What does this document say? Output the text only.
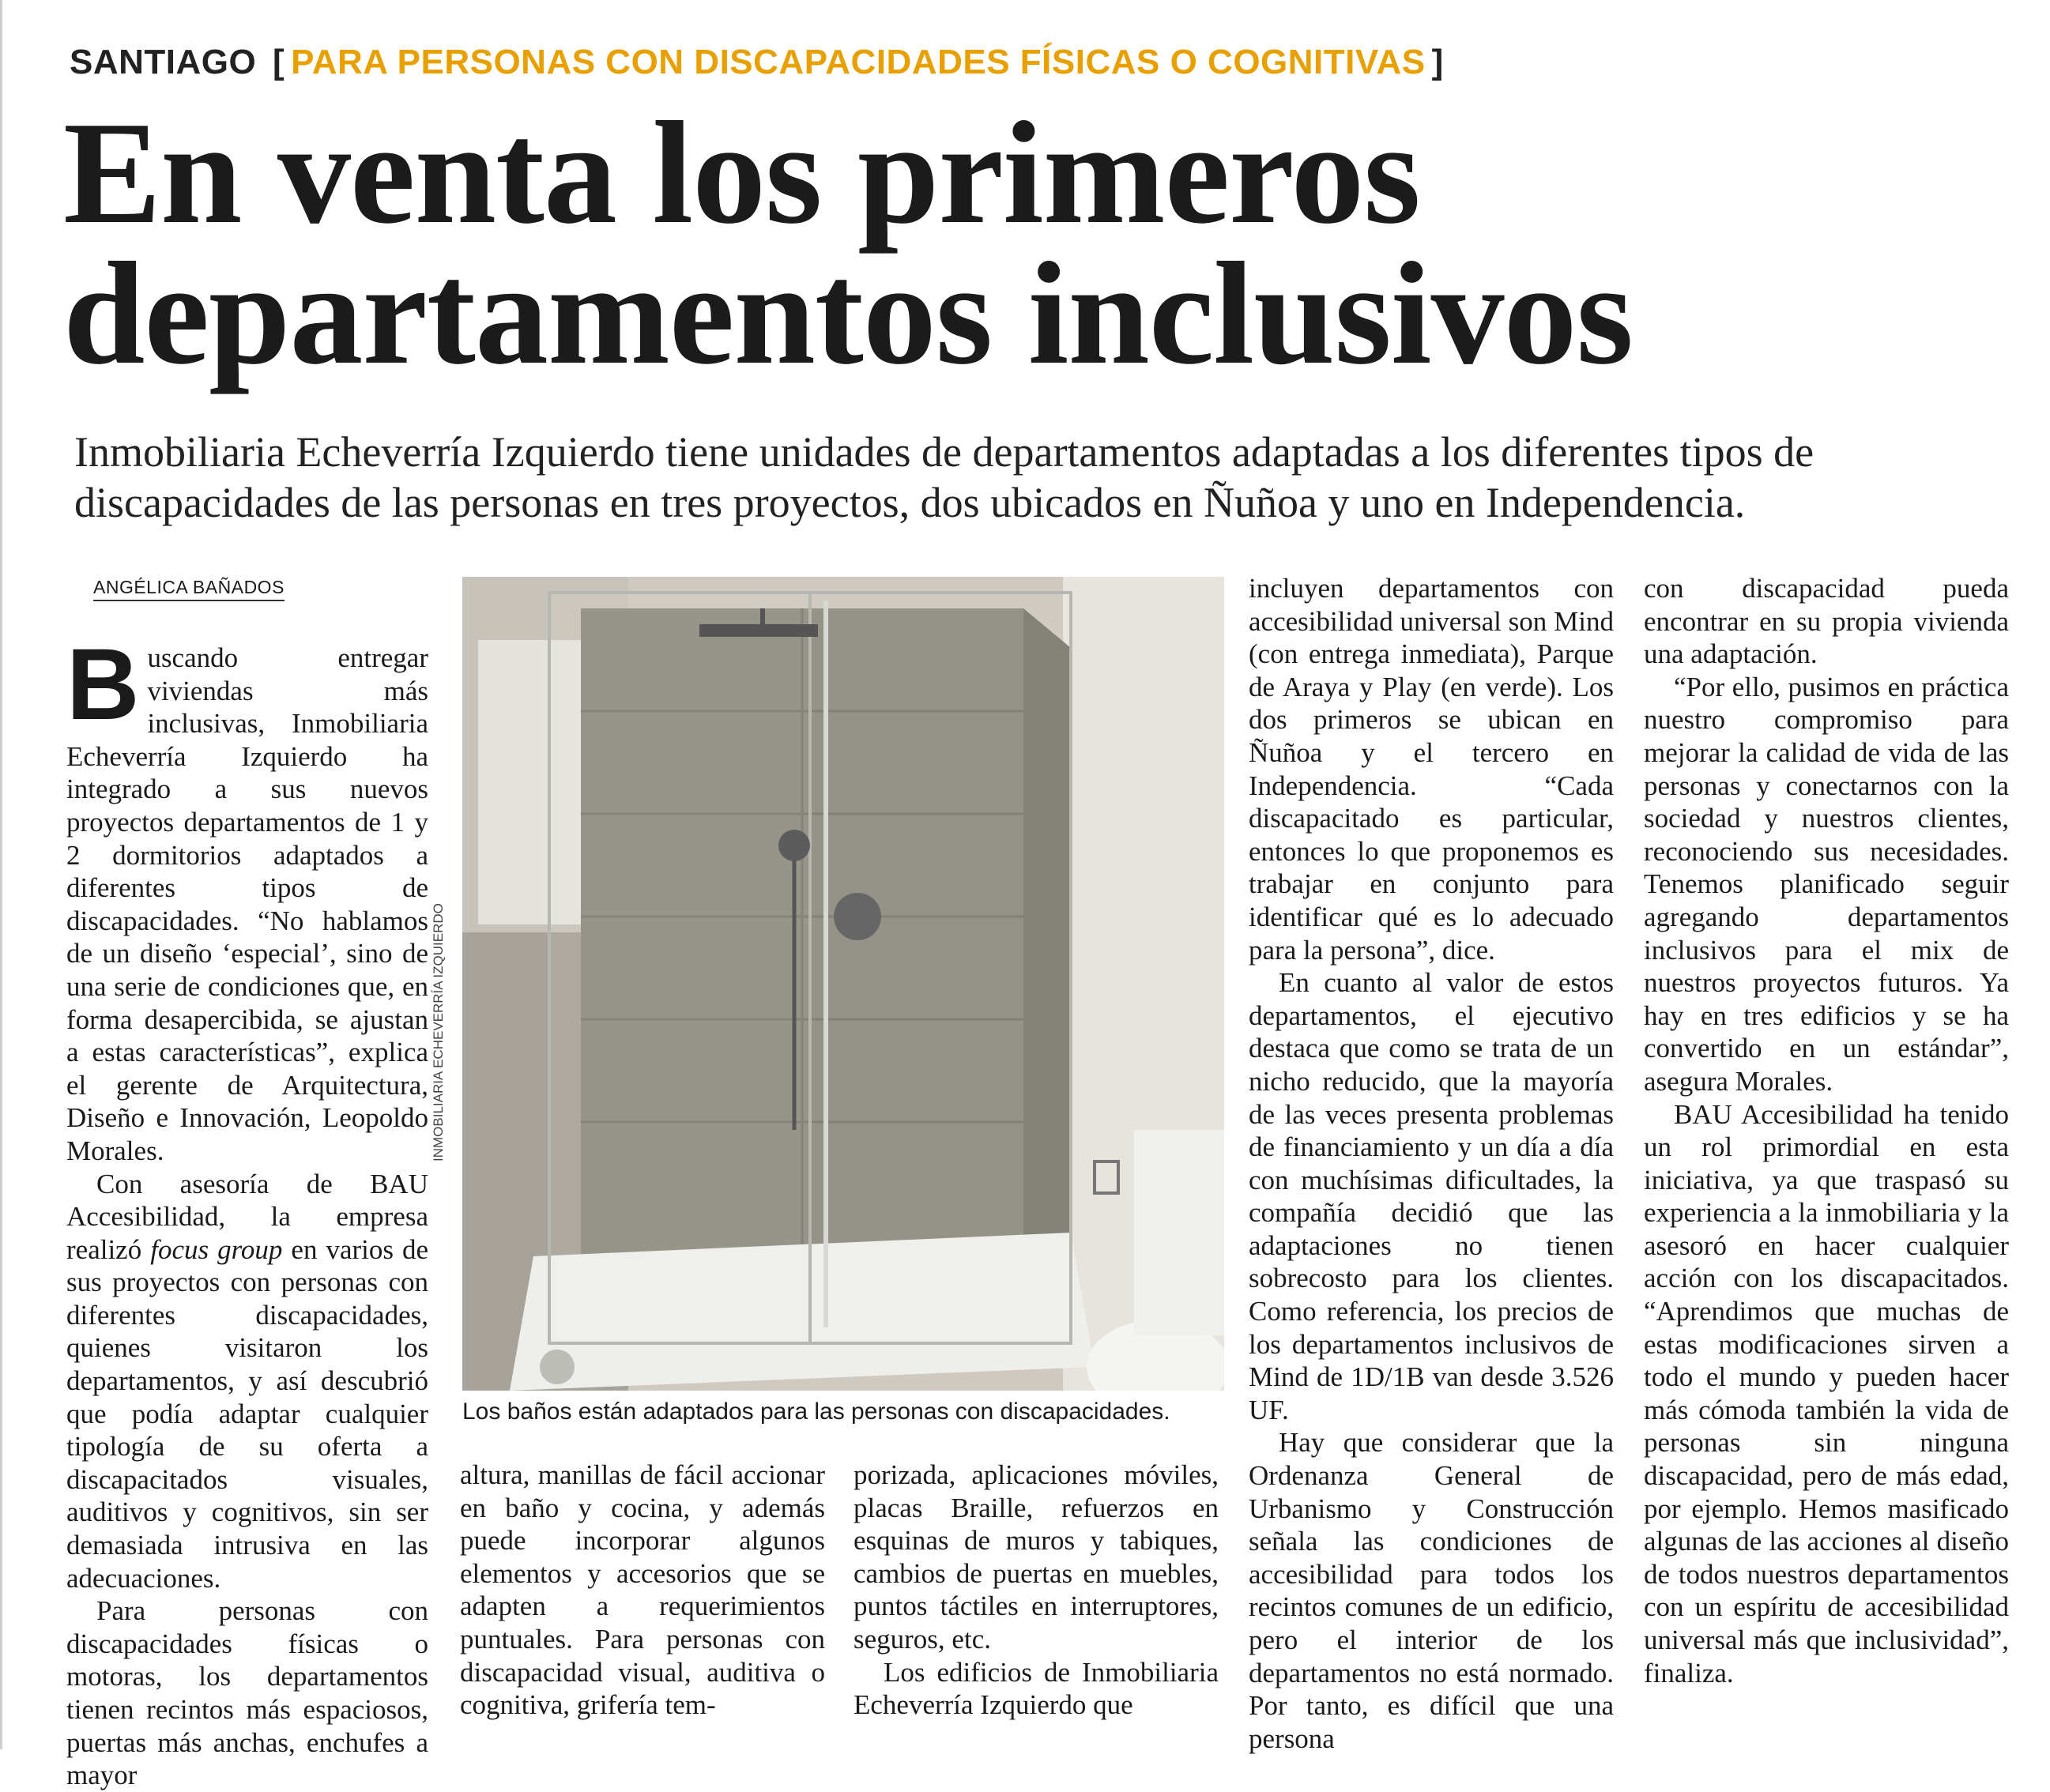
SANTIAGO [ PARA PERSONAS CON DISCAPACIDADES FÍSICAS O COGNITIVAS ]
En venta los primeros
departamentos inclusivos
Inmobiliaria Echeverría Izquierdo tiene unidades de departamentos adaptadas a los diferentes tipos de discapacidades de las personas en tres proyectos, dos ubicados en Ñuñoa y uno en Independencia.
ANGÉLICA BAÑADOS

Buscando entregar viviendas más inclusivas, Inmobiliaria Echeverría Izquierdo ha integrado a sus nuevos proyectos departamentos de 1 y 2 dormitorios adaptados a diferentes tipos de discapacidades. “No hablamos de un diseño ‘especial’, sino de una serie de condiciones que, en forma desapercibida, se ajustan a estas características”, explica el gerente de Arquitectura, Diseño e Innovación, Leopoldo Morales.

Con asesoría de BAU Accesibilidad, la empresa realizó focus group en varios de sus proyectos con personas con diferentes discapacidades, quienes visitaron los departamentos, y así descubrió que podía adaptar cualquier tipología de su oferta a discapacitados visuales, auditivos y cognitivos, sin ser demasiada intrusiva en las adecuaciones.

Para personas con discapacidades físicas o motoras, los departamentos tienen recintos más espaciosos, puertas más anchas, enchufes a mayor

INMOBILIARIA ECHEVERRÍA IZQUIERDO
Los baños están adaptados para las personas con discapacidades.

altura, manillas de fácil accionar en baño y cocina, y además puede incorporar algunos elementos y accesorios que se adapten a requerimientos puntuales. Para personas con discapacidad visual, auditiva o cognitiva, grifería tem-

porizada, aplicaciones móviles, placas Braille, refuerzos en esquinas de muros y tabiques, cambios de puertas en muebles, puntos táctiles en interruptores, seguros, etc.

Los edificios de Inmobiliaria Echeverría Izquierdo que

incluyen departamentos con accesibilidad universal son Mind (con entrega inmediata), Parque de Araya y Play (en verde). Los dos primeros se ubican en Ñuñoa y el tercero en Independencia. “Cada discapacitado es particular, entonces lo que proponemos es trabajar en conjunto para identificar qué es lo adecuado para la persona”, dice.

En cuanto al valor de estos departamentos, el ejecutivo destaca que como se trata de un nicho reducido, que la mayoría de las veces presenta problemas de financiamiento y un día a día con muchísimas dificultades, la compañía decidió que las adaptaciones no tienen sobrecosto para los clientes. Como referencia, los precios de los departamentos inclusivos de Mind de 1D/1B van desde 3.526 UF.

Hay que considerar que la Ordenanza General de Urbanismo y Construcción señala las condiciones de accesibilidad para todos los recintos comunes de un edificio, pero el interior de los departamentos no está normado. Por tanto, es difícil que una persona

con discapacidad pueda encontrar en su propia vivienda una adaptación.

“Por ello, pusimos en práctica nuestro compromiso para mejorar la calidad de vida de las personas y conectarnos con la sociedad y nuestros clientes, reconociendo sus necesidades. Tenemos planificado seguir agregando departamentos inclusivos para el mix de nuestros proyectos futuros. Ya hay en tres edificios y se ha convertido en un estándar”, asegura Morales.

BAU Accesibilidad ha tenido un rol primordial en esta iniciativa, ya que traspasó su experiencia a la inmobiliaria y la asesoró en hacer cualquier acción con los discapacitados. “Aprendimos que muchas de estas modificaciones sirven a todo el mundo y pueden hacer más cómoda también la vida de personas sin ninguna discapacidad, pero de más edad, por ejemplo. Hemos masificado algunas de las acciones al diseño de todos nuestros departamentos con un espíritu de accesibilidad universal más que inclusividad”, finaliza.
